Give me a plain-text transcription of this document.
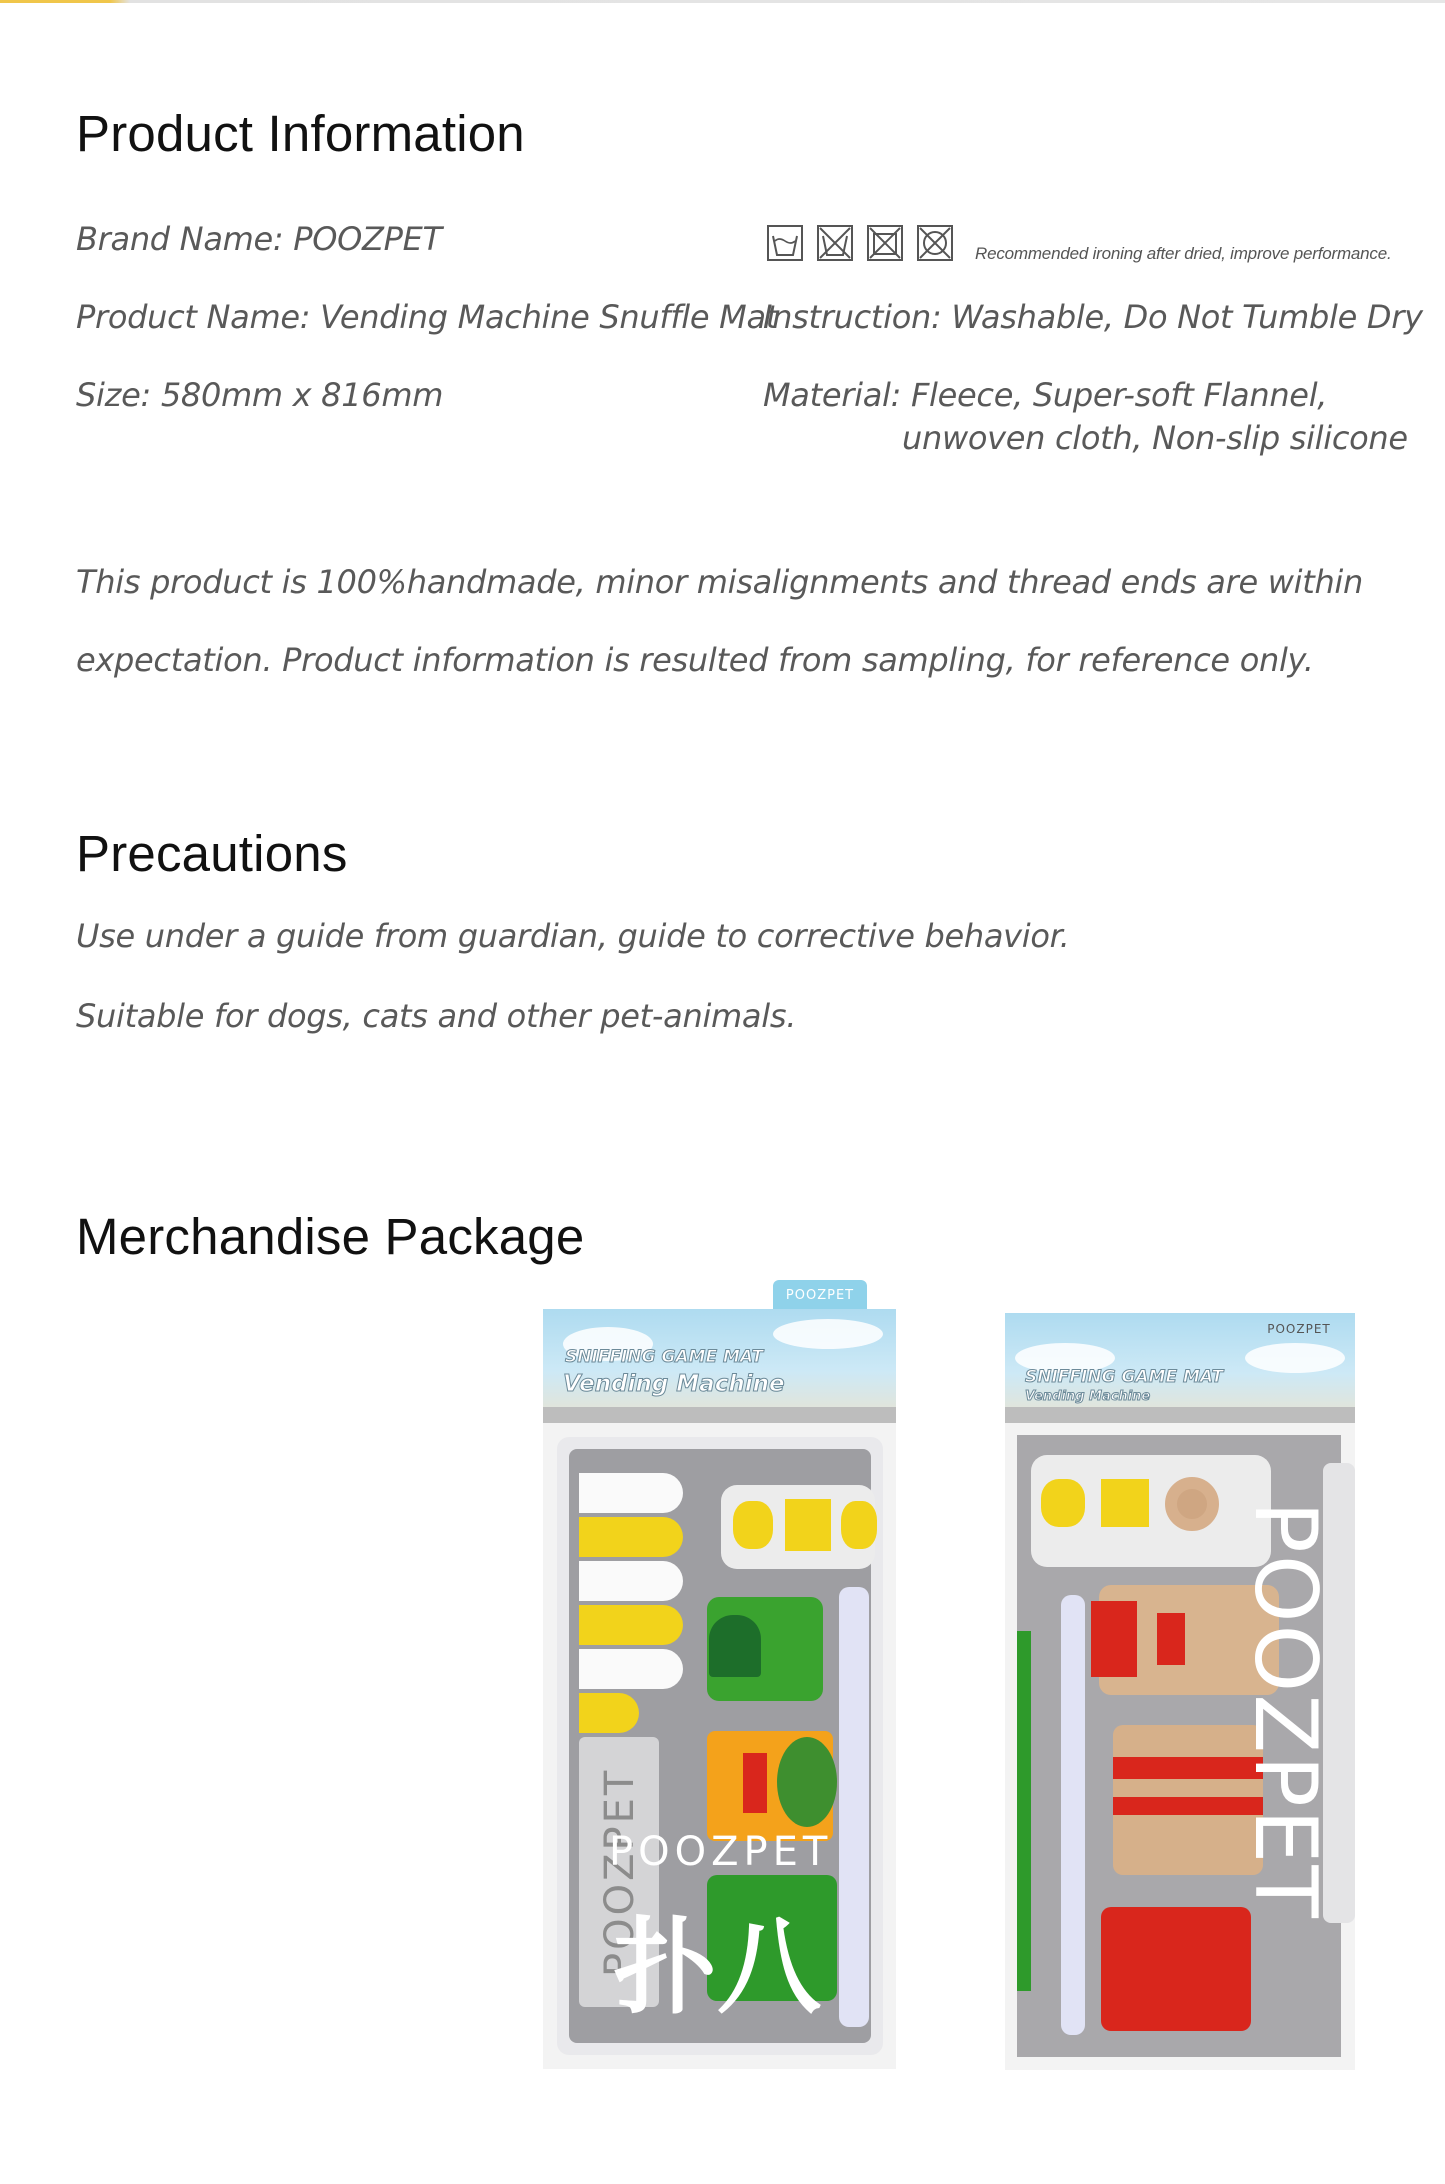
Product Information
Brand Name: POOZPET
Product Name: Vending Machine Snuffle Mat
Size: 580mm x 816mm
Recommended ironing after dried, improve performance.
Instruction: Washable, Do Not Tumble Dry
Material: Fleece, Super-soft Flannel,
unwoven cloth, Non-slip silicone
This product is 100%handmade, minor misalignments and thread ends are within
expectation. Product information is resulted from sampling, for reference only.
Precautions
Use under a guide from guardian, guide to corrective behavior.
Suitable for dogs, cats and other pet-animals.
Merchandise Package
POOZPET
SNIFFING GAME MAT
Vending Machine
POOZPET
POOZPET
扑八
POOZPET
SNIFFING GAME MAT
Vending Machine
POOZPET
